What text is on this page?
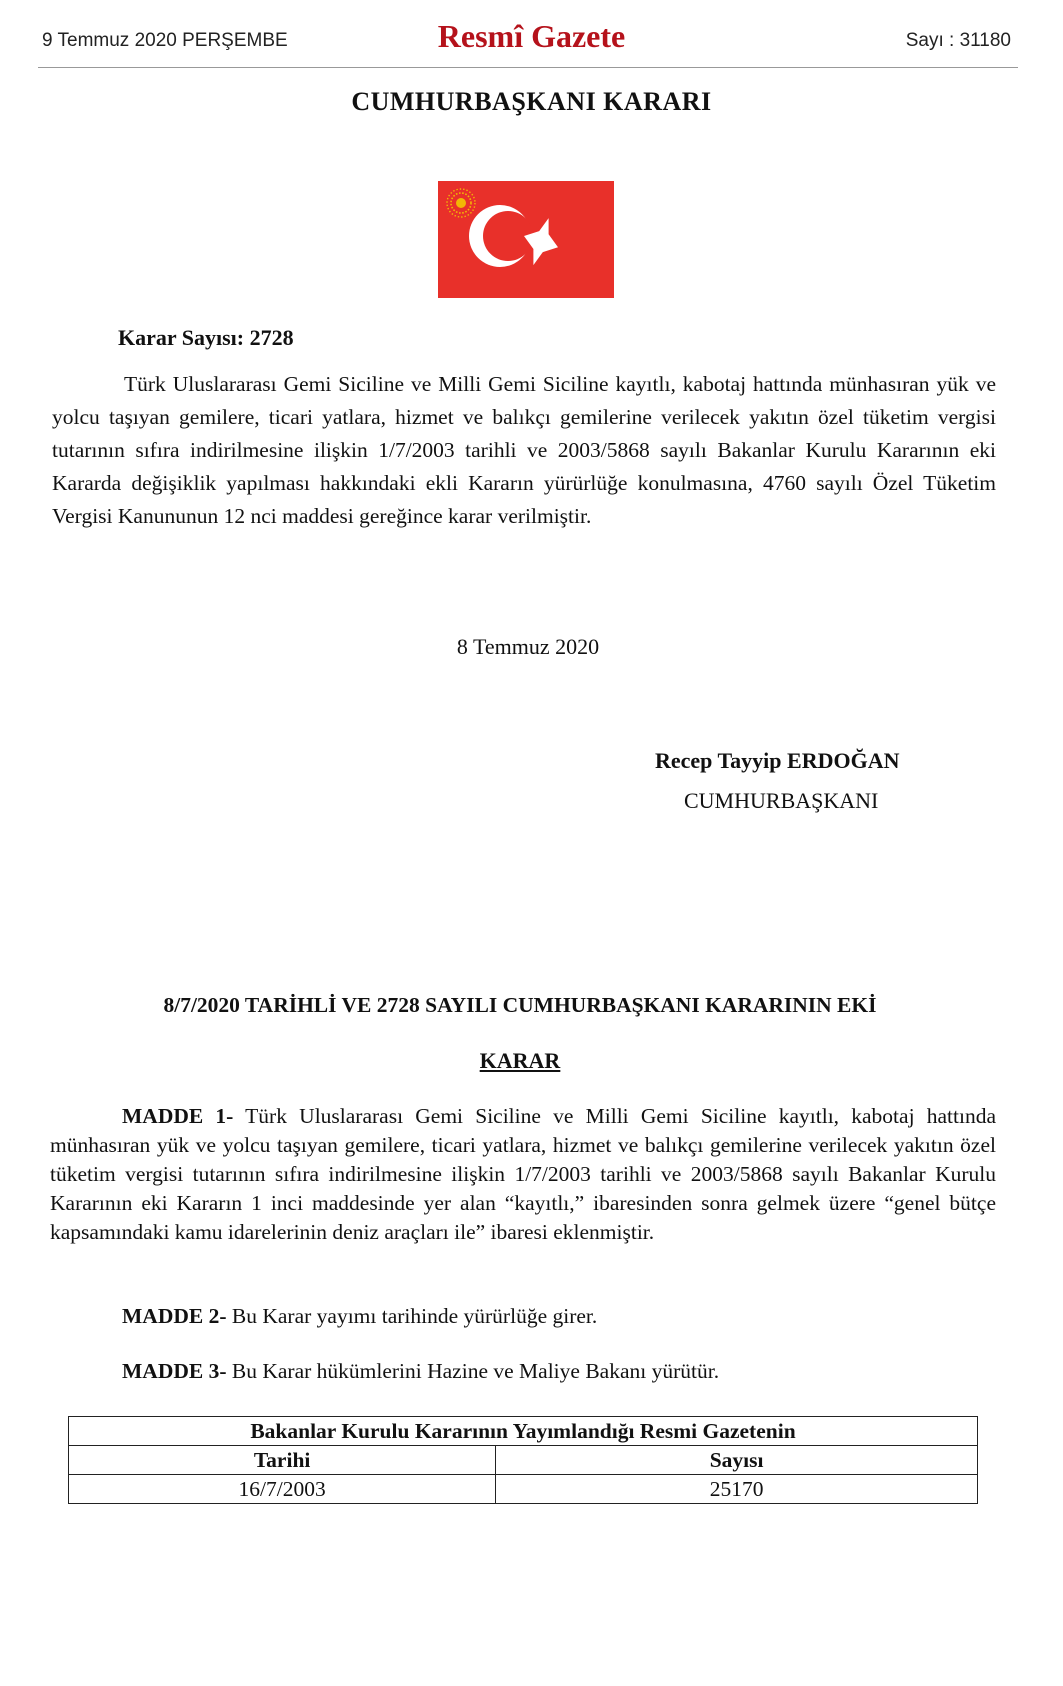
9 Temmuz 2020 PERŞEMBE	Resmî Gazete	Sayı : 31180
CUMHURBAŞKANI KARARI
Karar Sayısı: 2728
Türk Uluslararası Gemi Siciline ve Milli Gemi Siciline kayıtlı, kabotaj hattında münhasıran yük ve yolcu taşıyan gemilere, ticari yatlara, hizmet ve balıkçı gemilerine verilecek yakıtın özel tüketim vergisi tutarının sıfıra indirilmesine ilişkin 1/7/2003 tarihli ve 2003/5868 sayılı Bakanlar Kurulu Kararının eki Kararda değişiklik yapılması hakkındaki ekli Kararın yürürlüğe konulmasına, 4760 sayılı Özel Tüketim Vergisi Kanununun 12 nci maddesi gereğince karar verilmiştir.
8 Temmuz 2020
Recep Tayyip ERDOĞAN
CUMHURBAŞKANI
8/7/2020 TARİHLİ VE 2728 SAYILI CUMHURBAŞKANI KARARININ EKİ
KARAR
MADDE 1- Türk Uluslararası Gemi Siciline ve Milli Gemi Siciline kayıtlı, kabotaj hattında münhasıran yük ve yolcu taşıyan gemilere, ticari yatlara, hizmet ve balıkçı gemilerine verilecek yakıtın özel tüketim vergisi tutarının sıfıra indirilmesine ilişkin 1/7/2003 tarihli ve 2003/5868 sayılı Bakanlar Kurulu Kararının eki Kararın 1 inci maddesinde yer alan “kayıtlı,” ibaresinden sonra gelmek üzere “genel bütçe kapsamındaki kamu idarelerinin deniz araçları ile” ibaresi eklenmiştir.
MADDE 2- Bu Karar yayımı tarihinde yürürlüğe girer.
MADDE 3- Bu Karar hükümlerini Hazine ve Maliye Bakanı yürütür.
Bakanlar Kurulu Kararının Yayımlandığı Resmi Gazetenin	
Tarihi	Sayısı
16/7/2003	25170
